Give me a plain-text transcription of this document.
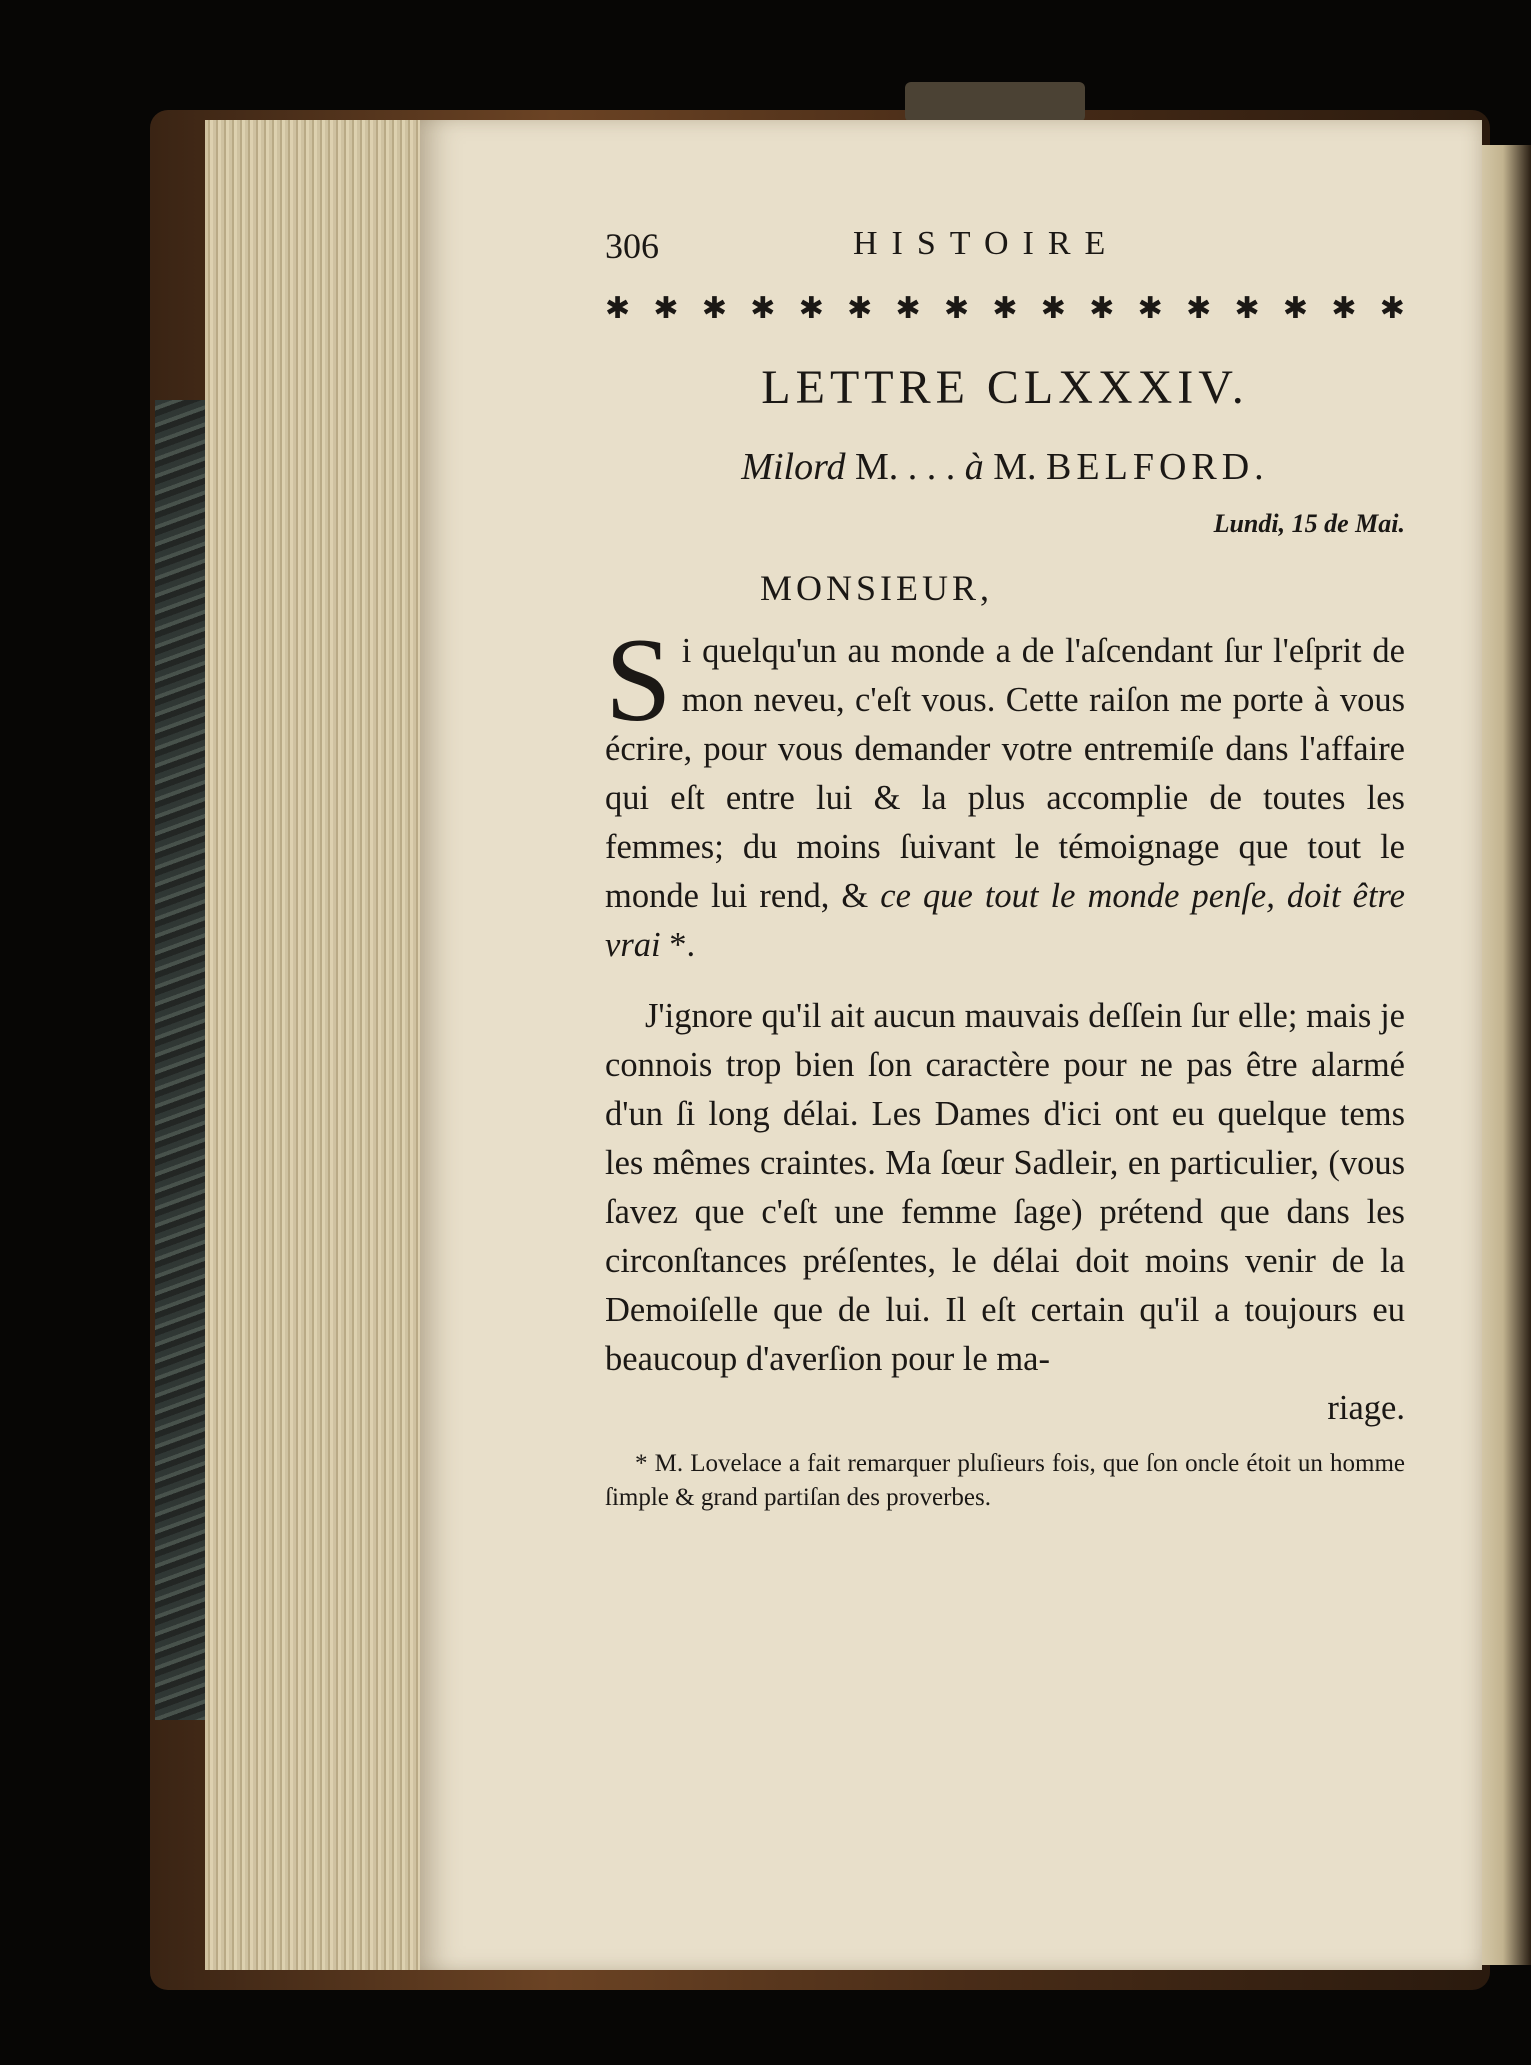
306	HISTOIRE
✱ ✱ ✱ ✱ ✱ ✱ ✱ ✱ ✱ ✱ ✱ ✱ ✱ ✱ ✱ ✱ ✱
LETTRE CLXXXIV.
Milord M. . . . à M. BELFORD.
Lundi, 15 de Mai.
MONSIEUR,
S i quelqu'un au monde a de l'aſcendant ſur l'eſprit de mon neveu, c'eſt vous. Cette raiſon me porte à vous écrire, pour vous demander votre entremiſe dans l'affaire qui eſt entre lui & la plus accomplie de toutes les femmes; du moins ſuivant le témoignage que tout le monde lui rend, & ce que tout le monde penſe, doit être vrai *.
J'ignore qu'il ait aucun mauvais deſſein ſur elle; mais je connois trop bien ſon caractère pour ne pas être alarmé d'un ſi long délai. Les Dames d'ici ont eu quelque tems les mêmes craintes. Ma ſœur Sadleir, en particulier, (vous ſavez que c'eſt une femme ſage) prétend que dans les circonſtances préſentes, le délai doit moins venir de la Demoiſelle que de lui. Il eſt certain qu'il a toujours eu beaucoup d'averſion pour le ma-
riage.
* M. Lovelace a fait remarquer pluſieurs fois, que ſon oncle étoit un homme ſimple & grand partiſan des proverbes.
